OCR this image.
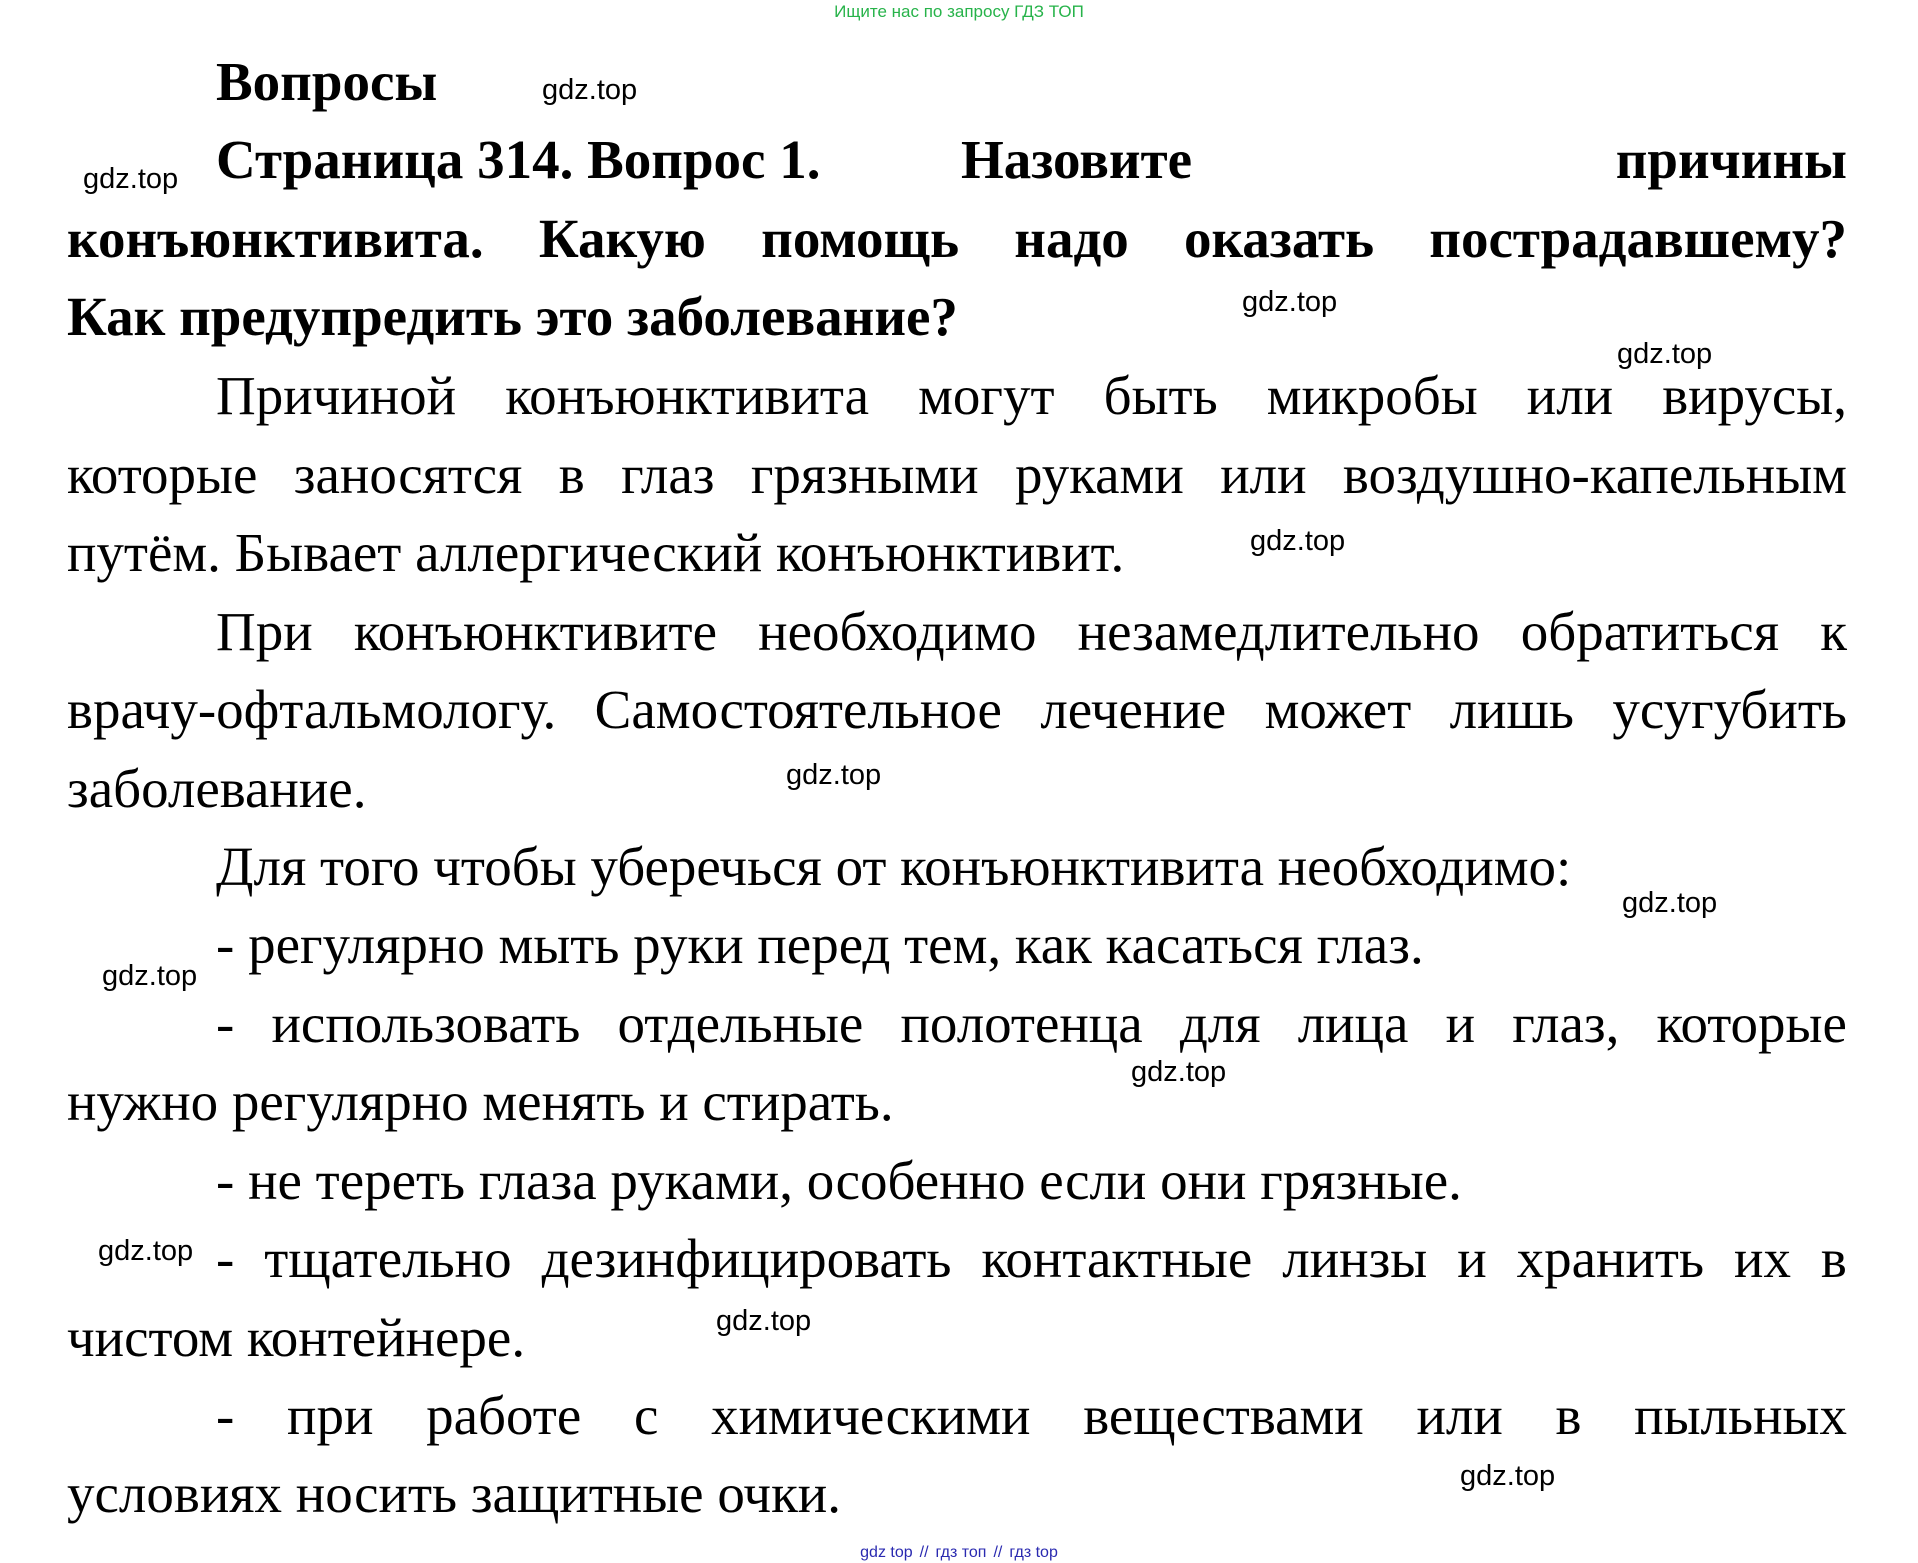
Ищите нас по запросу ГДЗ ТОП
Вопросы
Страница 314. Вопрос 1.	Назовите	причины
конъюнктивита. Какую помощь надо оказать пострадавшему?
Как предупредить это заболевание?
Причиной конъюнктивита могут быть микробы или вирусы,
которые заносятся в глаз грязными руками или воздушно-капельным
путём. Бывает аллергический конъюнктивит.
При конъюнктивите необходимо незамедлительно обратиться к
врачу-офтальмологу. Самостоятельное лечение может лишь усугубить
заболевание.
Для того чтобы уберечься от конъюнктивита необходимо:
- регулярно мыть руки перед тем, как касаться глаз.
- использовать отдельные полотенца для лица и глаз, которые
нужно регулярно менять и стирать.
- не тереть глаза руками, особенно если они грязные.
- тщательно дезинфицировать контактные линзы и хранить их в
чистом контейнере.
- при работе с химическими веществами или в пыльных
условиях носить защитные очки.
gdz.top
gdz.top
gdz.top
gdz.top
gdz.top
gdz.top
gdz.top
gdz.top
gdz.top
gdz.top
gdz.top
gdz.top
gdz top // гдз топ // гдз top
